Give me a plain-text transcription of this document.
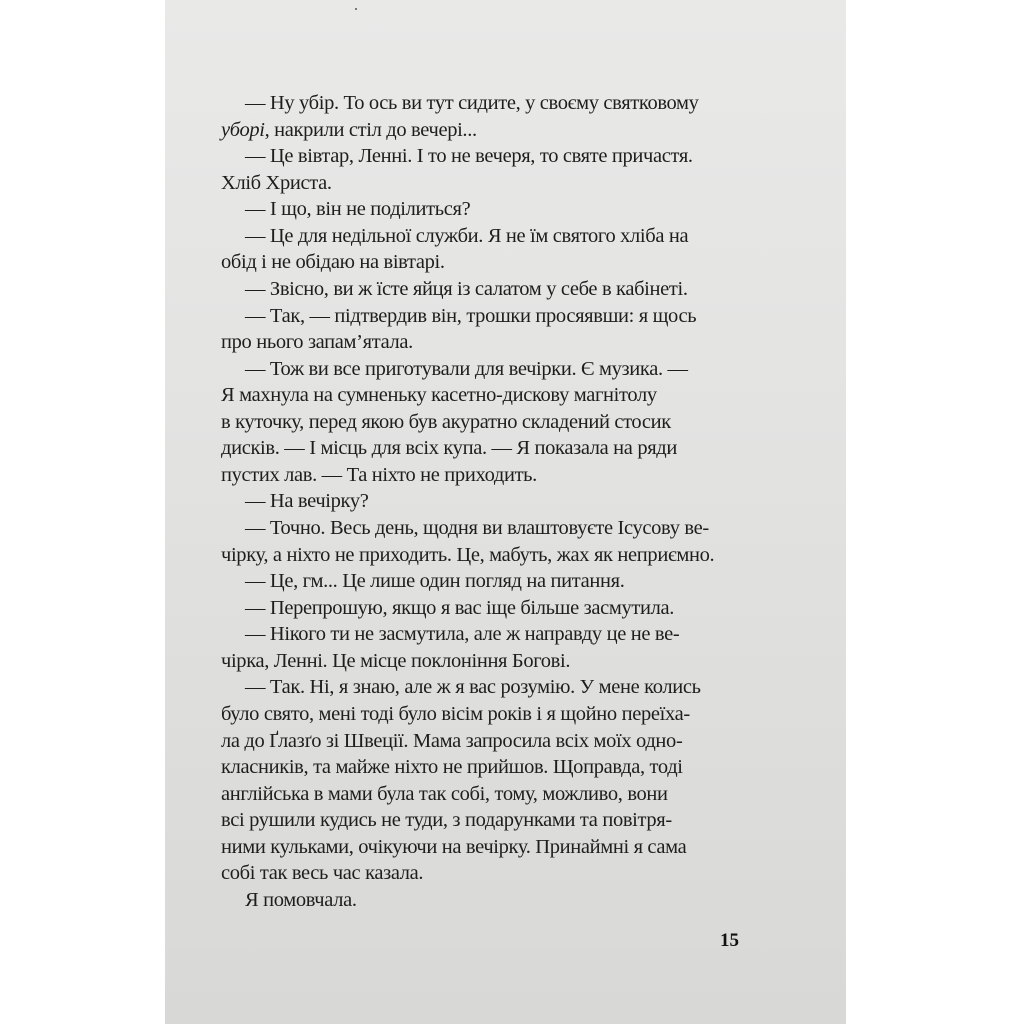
— Ну убір. То ось ви тут сидите, у своєму святковому
уборі, накрили стіл до вечері...
— Це вівтар, Ленні. І то не вечеря, то святе причастя.
Хліб Христа.
— І що, він не поділиться?
— Це для недільної служби. Я не їм святого хліба на
обід і не обідаю на вівтарі.
— Звісно, ви ж їсте яйця із салатом у себе в кабінеті.
— Так, — підтвердив він, трошки просяявши: я щось
про нього запам’ятала.
— Тож ви все приготували для вечірки. Є музика. —
Я махнула на сумненьку касетно-дискову магнітолу
в куточку, перед якою був акуратно складений стосик
дисків. — І місць для всіх купа. — Я показала на ряди
пустих лав. — Та ніхто не приходить.
— На вечірку?
— Точно. Весь день, щодня ви влаштовуєте Ісусову ве-
чірку, а ніхто не приходить. Це, мабуть, жах як неприємно.
— Це, гм... Це лише один погляд на питання.
— Перепрошую, якщо я вас іще більше засмутила.
— Нікого ти не засмутила, але ж направду це не ве-
чірка, Ленні. Це місце поклоніння Богові.
— Так. Ні, я знаю, але ж я вас розумію. У мене колись
було свято, мені тоді було вісім років і я щойно переїха-
ла до Ґлазґо зі Швеції. Мама запросила всіх моїх одно-
класників, та майже ніхто не прийшов. Щоправда, тоді
англійська в мами була так собі, тому, можливо, вони
всі рушили кудись не туди, з подарунками та повітря-
ними кульками, очікуючи на вечірку. Принаймні я сама
собі так весь час казала.
Я помовчала.
15
